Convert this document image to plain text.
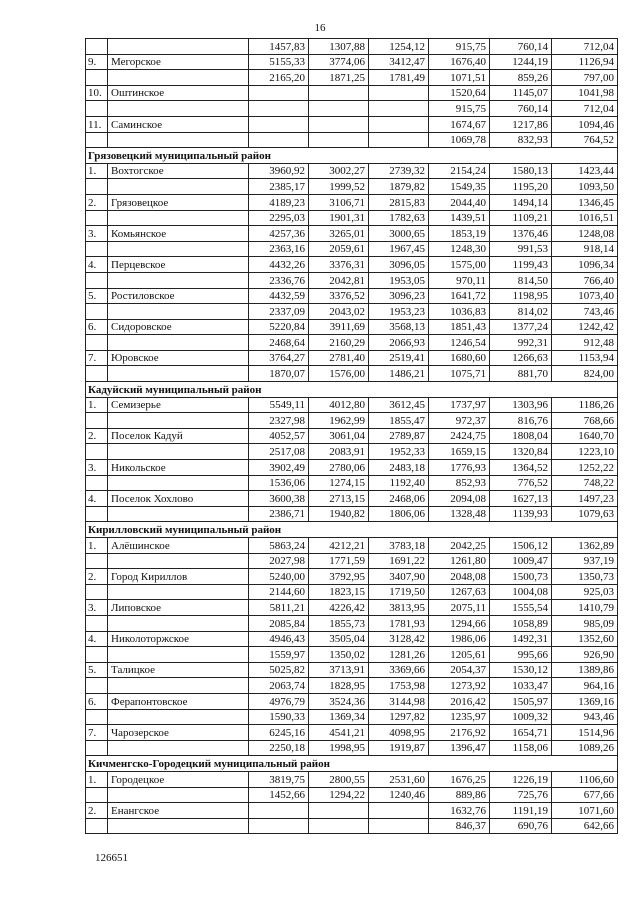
16
		1457,83	1307,88	1254,12	915,75	760,14	712,04
9.	Мегорское	5155,33	3774,06	3412,47	1676,40	1244,19	1126,94
		2165,20	1871,25	1781,49	1071,51	859,26	797,00
10.	Оштинское				1520,64	1145,07	1041,98
					915,75	760,14	712,04
11.	Саминское				1674,67	1217,86	1094,46
					1069,78	832,93	764,52
Грязовецкий муниципальный район							
1.	Вохтогское	3960,92	3002,27	2739,32	2154,24	1580,13	1423,44
		2385,17	1999,52	1879,82	1549,35	1195,20	1093,50
2.	Грязовецкое	4189,23	3106,71	2815,83	2044,40	1494,14	1346,45
		2295,03	1901,31	1782,63	1439,51	1109,21	1016,51
3.	Комьянское	4257,36	3265,01	3000,65	1853,19	1376,46	1248,08
		2363,16	2059,61	1967,45	1248,30	991,53	918,14
4.	Перцевское	4432,26	3376,31	3096,05	1575,00	1199,43	1096,34
		2336,76	2042,81	1953,05	970,11	814,50	766,40
5.	Ростиловское	4432,59	3376,52	3096,23	1641,72	1198,95	1073,40
		2337,09	2043,02	1953,23	1036,83	814,02	743,46
6.	Сидоровское	5220,84	3911,69	3568,13	1851,43	1377,24	1242,42
		2468,64	2160,29	2066,93	1246,54	992,31	912,48
7.	Юровское	3764,27	2781,40	2519,41	1680,60	1266,63	1153,94
		1870,07	1576,00	1486,21	1075,71	881,70	824,00
Кадуйский муниципальный район							
1.	Семизерье	5549,11	4012,80	3612,45	1737,97	1303,96	1186,26
		2327,98	1962,99	1855,47	972,37	816,76	768,66
2.	Поселок Кадуй	4052,57	3061,04	2789,87	2424,75	1808,04	1640,70
		2517,08	2083,91	1952,33	1659,15	1320,84	1223,10
3.	Никольское	3902,49	2780,06	2483,18	1776,93	1364,52	1252,22
		1536,06	1274,15	1192,40	852,93	776,52	748,22
4.	Поселок Хохлово	3600,38	2713,15	2468,06	2094,08	1627,13	1497,23
		2386,71	1940,82	1806,06	1328,48	1139,93	1079,63
Кирилловский муниципальный район							
1.	Алёшинское	5863,24	4212,21	3783,18	2042,25	1506,12	1362,89
		2027,98	1771,59	1691,22	1261,80	1009,47	937,19
2.	Город Кириллов	5240,00	3792,95	3407,90	2048,08	1500,73	1350,73
		2144,60	1823,15	1719,50	1267,63	1004,08	925,03
3.	Липовское	5811,21	4226,42	3813,95	2075,11	1555,54	1410,79
		2085,84	1855,73	1781,93	1294,66	1058,89	985,09
4.	Николоторжское	4946,43	3505,04	3128,42	1986,06	1492,31	1352,60
		1559,97	1350,02	1281,26	1205,61	995,66	926,90
5.	Талицкое	5025,82	3713,91	3369,66	2054,37	1530,12	1389,86
		2063,74	1828,95	1753,98	1273,92	1033,47	964,16
6.	Ферапонтовское	4976,79	3524,36	3144,98	2016,42	1505,97	1369,16
		1590,33	1369,34	1297,82	1235,97	1009,32	943,46
7.	Чарозерское	6245,16	4541,21	4098,95	2176,92	1654,71	1514,96
		2250,18	1998,95	1919,87	1396,47	1158,06	1089,26
Кичменгско-Городецкий муниципальный район							
1.	Городецкое	3819,75	2800,55	2531,60	1676,25	1226,19	1106,60
		1452,66	1294,22	1240,46	889,86	725,76	677,66
2.	Енангское				1632,76	1191,19	1071,60
					846,37	690,76	642,66
126651
